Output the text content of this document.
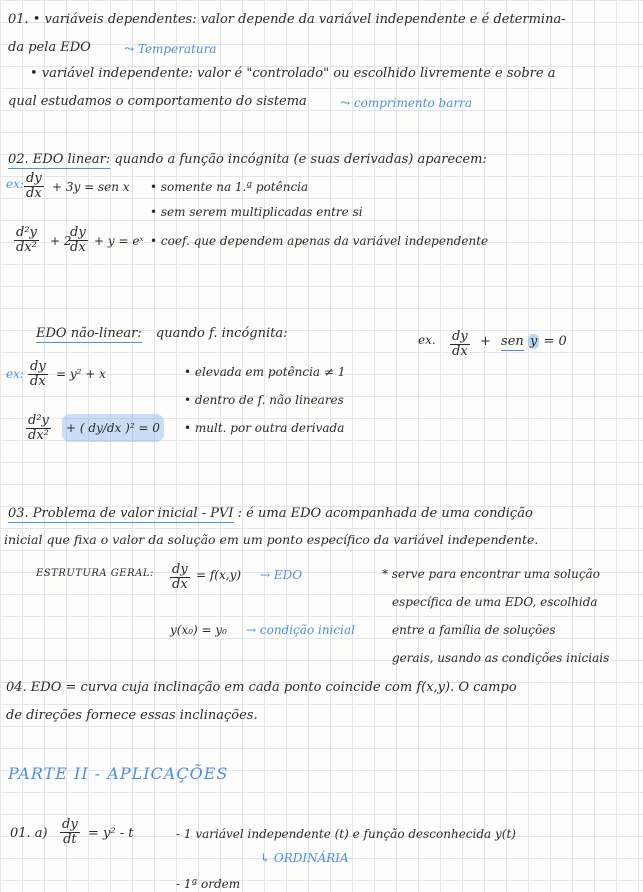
01. • variáveis dependentes: valor depende da variável independente e é determina-
da pela EDO	⤳ Temperatura
• variável independente: valor é "controlado" ou escolhido livremente e sobre a
qual estudamos o comportamento do sistema	⤳ comprimento barra
02. EDO linear: quando a função incógnita (e suas derivadas) aparecem:
ex: $\frac{dy}{dx} + 3y$ = sen x • somente na 1.ª potência
• sem serem multiplicadas entre si
$\frac{\text{d²y}}{\text{dx²}} + 2$
$\frac{dy}{dx} + y$ = eˣ • coef. que dependem apenas da variável independente
EDO não-linear: quando f. incógnita:	ex. $\frac{dy}{dx}$ + sen y = 0
ex: $\frac{dy}{dx} = y^2 + x$
$\frac{\text{d²y}}{\text{dx²}}$	+ ( dy/dx )² = 0
• elevada em potência ≠ 1
• dentro de f. não lineares
• mult. por outra derivada
03. Problema de valor inicial - PVI : é uma EDO acompanhada de uma condição
inicial que fixa o valor da solução em um ponto específico da variável independente.
ESTRUTURA GERAL: $\frac{dy}{dx} = f(x,y)$ → EDO
y(x₀) = y₀ → condição inicial
* serve para encontrar uma solução
específica de uma EDO, escolhida
entre a família de soluções
gerais, usando as condições iniciais
04. EDO = curva cuja inclinação em cada ponto coincide com f(x,y). O campo
de direções fornece essas inclinações.
PARTE II - APLICAÇÕES
01. $a) \frac{dy}{dt} = y^2 - t$	- 1 variável independente (t) e função desconhecida y(t)
↳ ORDINÁRIA
- 1ª ordem
